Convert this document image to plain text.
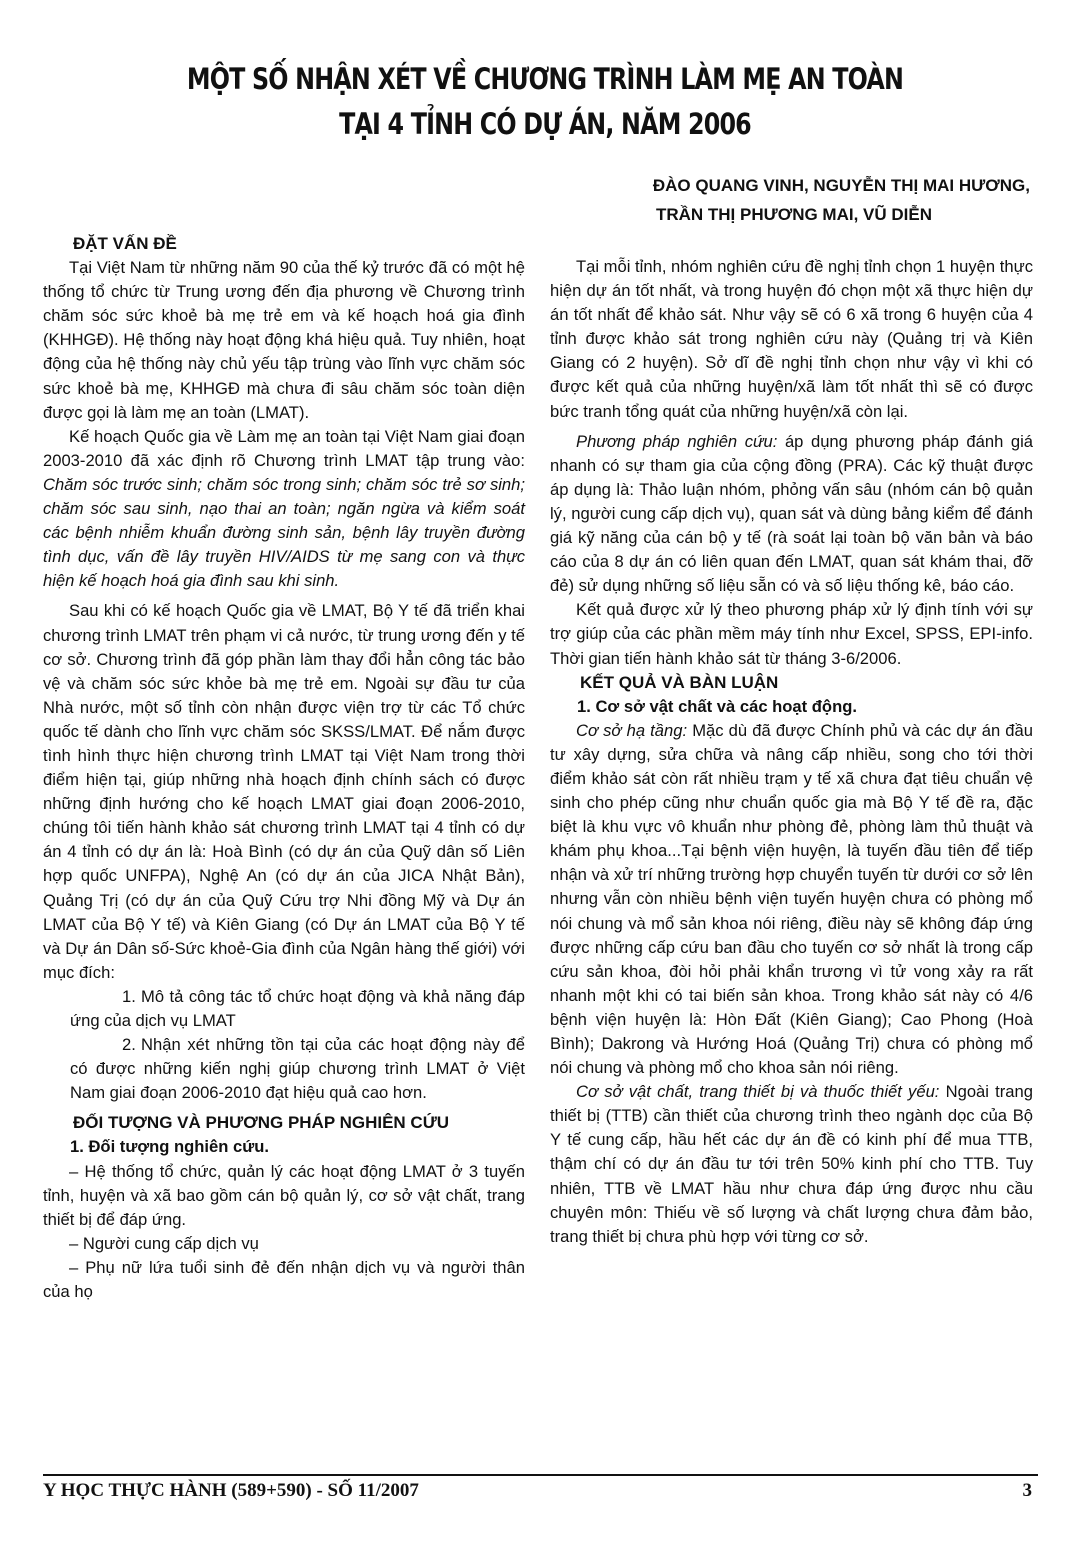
MỘT SỐ NHẬN XÉT VỀ CHƯƠNG TRÌNH LÀM MẸ AN TOÀN
TẠI 4 TỈNH CÓ DỰ ÁN, NĂM 2006
ĐÀO QUANG VINH, NGUYỄN THỊ MAI HƯƠNG,
TRẦN THỊ PHƯƠNG MAI, VŨ DIỄN
ĐẶT VẤN ĐỀ

Tại Việt Nam từ những năm 90 của thế kỷ trước đã có một hệ thống tổ chức từ Trung ương đến địa phương về Chương trình chăm sóc sức khoẻ bà mẹ trẻ em và kế hoạch hoá gia đình (KHHGĐ). Hệ thống này hoạt động khá hiệu quả. Tuy nhiên, hoạt động của hệ thống này chủ yếu tập trùng vào lĩnh vực chăm sóc sức khoẻ bà mẹ, KHHGĐ mà chưa đi sâu chăm sóc toàn diện được gọi là làm mẹ an toàn (LMAT).

Kế hoạch Quốc gia về Làm mẹ an toàn tại Việt Nam giai đoạn 2003-2010 đã xác định rõ Chương trình LMAT tập trung vào: Chăm sóc trước sinh; chăm sóc trong sinh; chăm sóc trẻ sơ sinh; chăm sóc sau sinh, nạo thai an toàn; ngăn ngừa và kiểm soát các bệnh nhiễm khuẩn đường sinh sản, bệnh lây truyền đường tình dục, vấn đề lây truyền HIV/AIDS từ mẹ sang con và thực hiện kế hoạch hoá gia đình sau khi sinh.

Sau khi có kế hoạch Quốc gia về LMAT, Bộ Y tế đã triển khai chương trình LMAT trên phạm vi cả nước, từ trung ương đến y tế cơ sở. Chương trình đã góp phần làm thay đổi hẳn công tác bảo vệ và chăm sóc sức khỏe bà mẹ trẻ em. Ngoài sự đầu tư của Nhà nước, một số tỉnh còn nhận được viện trợ từ các Tổ chức quốc tế dành cho lĩnh vực chăm sóc SKSS/LMAT. Để nắm được tình hình thực hiện chương trình LMAT tại Việt Nam trong thời điểm hiện tại, giúp những nhà hoạch định chính sách có được những định hướng cho kế hoạch LMAT giai đoạn 2006-2010, chúng tôi tiến hành khảo sát chương trình LMAT tại 4 tỉnh có dự án 4 tỉnh có dự án là: Hoà Bình (có dự án của Quỹ dân số Liên hợp quốc UNFPA), Nghệ An (có dự án của JICA Nhật Bản), Quảng Trị (có dự án của Quỹ Cứu trợ Nhi đồng Mỹ và Dự án LMAT của Bộ Y tế) và Kiên Giang (có Dự án LMAT của Bộ Y tế và Dự án Dân số-Sức khoẻ-Gia đình của Ngân hàng thế giới) với mục đích:

1. Mô tả công tác tổ chức hoạt động và khả năng đáp ứng của dịch vụ LMAT

2. Nhận xét những tồn tại của các hoạt động này để có được những kiến nghị giúp chương trình LMAT ở Việt Nam giai đoạn 2006-2010 đạt hiệu quả cao hơn.

ĐỐI TƯỢNG VÀ PHƯƠNG PHÁP NGHIÊN CỨU
1. Đối tượng nghiên cứu.

– Hệ thống tổ chức, quản lý các hoạt động LMAT ở 3 tuyến tỉnh, huyện và xã bao gồm cán bộ quản lý, cơ sở vật chất, trang thiết bị để đáp ứng.

– Người cung cấp dịch vụ

– Phụ nữ lứa tuổi sinh đẻ đến nhận dịch vụ và người thân của họ

Tại mỗi tỉnh, nhóm nghiên cứu đề nghị tỉnh chọn 1 huyện thực hiện dự án tốt nhất, và trong huyện đó chọn một xã thực hiện dự án tốt nhất để khảo sát. Như vậy sẽ có 6 xã trong 6 huyện của 4 tỉnh được khảo sát trong nghiên cứu này (Quảng trị và Kiên Giang có 2 huyện). Sở dĩ đề nghị tỉnh chọn như vậy vì khi có được kết quả của những huyện/xã làm tốt nhất thì sẽ có được bức tranh tổng quát của những huyện/xã còn lại.

Phương pháp nghiên cứu: áp dụng phương pháp đánh giá nhanh có sự tham gia của cộng đồng (PRA). Các kỹ thuật được áp dụng là: Thảo luận nhóm, phỏng vấn sâu (nhóm cán bộ quản lý, người cung cấp dịch vụ), quan sát và dùng bảng kiểm để đánh giá kỹ năng của cán bộ y tế (rà soát lại toàn bộ văn bản và báo cáo của 8 dự án có liên quan đến LMAT, quan sát khám thai, đỡ đẻ) sử dụng những số liệu sẵn có và số liệu thống kê, báo cáo.

Kết quả được xử lý theo phương pháp xử lý định tính với sự trợ giúp của các phần mềm máy tính như Excel, SPSS, EPI-info. Thời gian tiến hành khảo sát từ tháng 3-6/2006.

KẾT QUẢ VÀ BÀN LUẬN
1. Cơ sở vật chất và các hoạt động.

Cơ sở hạ tầng: Mặc dù đã được Chính phủ và các dự án đầu tư xây dựng, sửa chữa và nâng cấp nhiều, song cho tới thời điểm khảo sát còn rất nhiều trạm y tế xã chưa đạt tiêu chuẩn vệ sinh cho phép cũng như chuẩn quốc gia mà Bộ Y tế đề ra, đặc biệt là khu vực vô khuẩn như phòng đẻ, phòng làm thủ thuật và khám phụ khoa...Tại bệnh viện huyện, là tuyến đầu tiên để tiếp nhận và xử trí những trường hợp chuyển tuyến từ dưới cơ sở lên nhưng vẫn còn nhiều bệnh viện tuyến huyện chưa có phòng mổ nói chung và mổ sản khoa nói riêng, điều này sẽ không đáp ứng được những cấp cứu ban đầu cho tuyến cơ sở nhất là trong cấp cứu sản khoa, đòi hỏi phải khẩn trương vì tử vong xảy ra rất nhanh một khi có tai biến sản khoa. Trong khảo sát này có 4/6 bệnh viện huyện là: Hòn Đất (Kiên Giang); Cao Phong (Hoà Bình); Dakrong và Hướng Hoá (Quảng Trị) chưa có phòng mổ nói chung và phòng mổ cho khoa sản nói riêng.

Cơ sở vật chất, trang thiết bị và thuốc thiết yếu: Ngoài trang thiết bị (TTB) cần thiết của chương trình theo ngành dọc của Bộ Y tế cung cấp, hầu hết các dự án đề có kinh phí để mua TTB, thậm chí có dự án đầu tư tới trên 50% kinh phí cho TTB. Tuy nhiên, TTB về LMAT hầu như chưa đáp ứng được nhu cầu chuyên môn: Thiếu về số lượng và chất lượng chưa đảm bảo, trang thiết bị chưa phù hợp với từng cơ sở.

Y HỌC THỰC HÀNH (589+590) - SỐ 11/2007	3
